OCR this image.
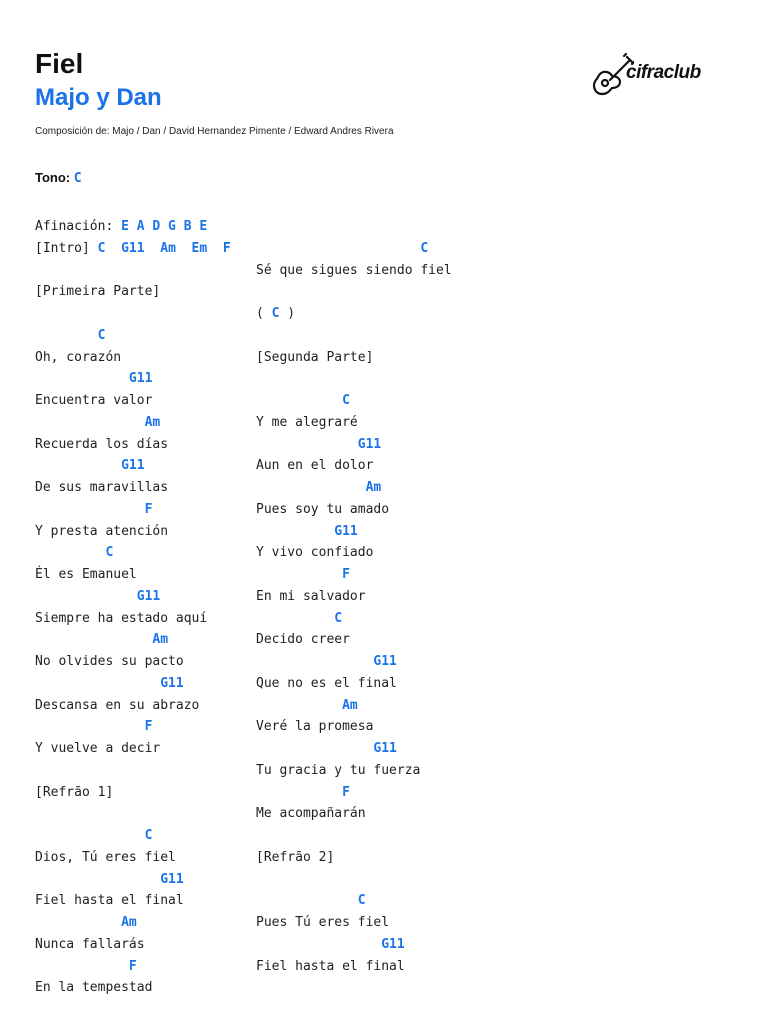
Fiel
Majo y Dan
Composición de: Majo / Dan / David Hernandez Pimente / Edward Andres Rivera
Tono: C
cifraclub
Afinación: E A D G B E
[Intro] C  G11  Am  Em  F
[Primeira Parte]
C
Oh, corazón
G11
Encuentra valor
Am
Recuerda los días
G11
De sus maravillas
F
Y presta atención
C
Él es Emanuel
G11
Siempre ha estado aquí
Am
No olvides su pacto
G11
Descansa en su abrazo
F
Y vuelve a decir
[Refrão 1]
C
Dios, Tú eres fiel
G11
Fiel hasta el final
Am
Nunca fallarás
F
En la tempestad
C
Sé que sigues siendo fiel
( C )
[Segunda Parte]
C
Y me alegraré
G11
Aun en el dolor
Am
Pues soy tu amado
G11
Y vivo confiado
F
En mi salvador
C
Decido creer
G11
Que no es el final
Am
Veré la promesa
G11
Tu gracia y tu fuerza
F
Me acompañarán
[Refrão 2]
C
Pues Tú eres fiel
G11
Fiel hasta el final
